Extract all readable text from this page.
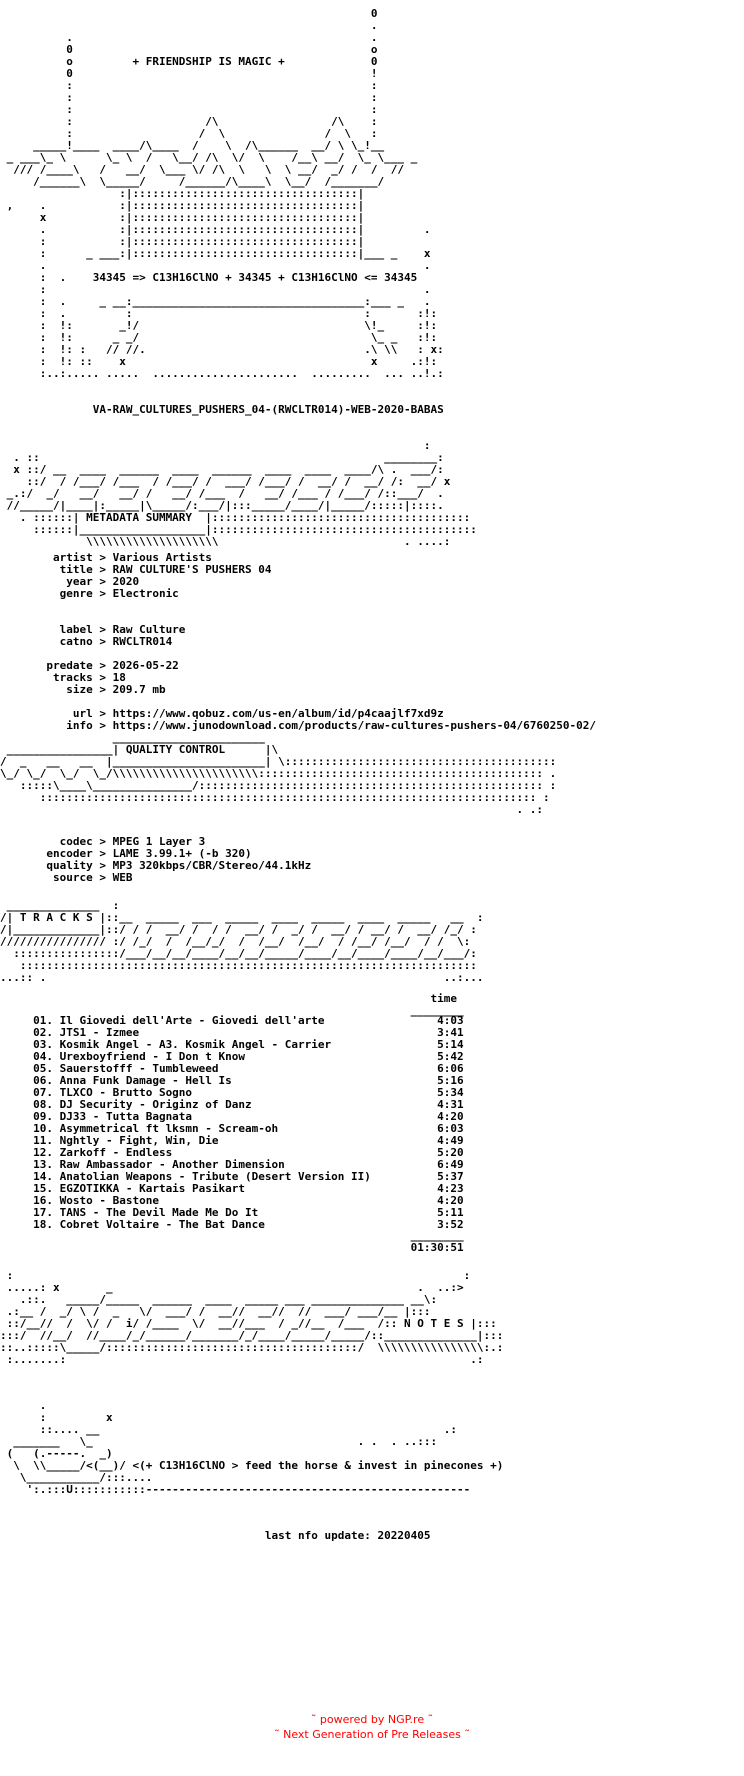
0
.
.                                             .
0                                             o
o         + FRIENDSHIP IS MAGIC +             0
0                                             !
:                                             :
:                                             :
:                                             :
:                    /\                 /\    :
:                   /  \               /  \   :
_____!____  ____/\____  /    \  /\______  __/ \ \_!__
_ ___\_ \      \_ \  /   \__/ /\  \/  \    /__\ __/  \_ \___ _
/// /____\   /   __/  \___ \/ /\  \   \  \ __/  _/ /  /  //
/______\  \_____/     /______/\____\  \__/  /_______/
:|::::::::::::::::::::::::::::::::::|
,    .           :|::::::::::::::::::::::::::::::::::|
x           :|::::::::::::::::::::::::::::::::::|
.           :|::::::::::::::::::::::::::::::::::|         .
:           :|::::::::::::::::::::::::::::::::::|
:      _ ___:|::::::::::::::::::::::::::::::::::|___ _    x
.                                                         .
:  .    34345 => C13H16ClNO + 34345 + C13H16ClNO <= 34345
:                                                         .
:  .     _ __:___________________________________:___ _   .
:  .         :                                   :       :!:
:  !:       _!/                                  \!_     :!:
:  !:      _ _/                                   \_ _   :!:
:  !: :   // //.                                 .\ \\   : x:
:  !: ::    x                                     x     .:!:
:..:..... .....  ......................  .........  ... ..!.:
VA-RAW_CULTURES_PUSHERS_04-(RWCLTR014)-WEB-2020-BABAS
:
. ::                                                    ________:
x ::/ __  ____  ______  ____  ______  ____  ____  ____/\ .  ___/:
::/  / /___/ /___  / /___/ /  ___/ /___/ /  __/ /  __/ /:  __/ x
_.:/  _/   __/   __/ /   __/ /___  /   __/ /___ / /___/ /::___/  .
//_____/|____|:_____|\_____/:___/|:::_____/____/|_____/:::::|::::.
. ::::::| METADATA SUMMARY  |:::::::::::::::::::::::::::::::::::::::
::::::|___________________|::::::::::::::::::::::::::::::::::::::::
\\\\\\\\\\\\\\\\\\\\                            . ....:
artist > Various Artists
title > RAW CULTURE'S PUSHERS 04
year > 2020
genre > Electronic

label > Raw Culture
catno > RWCLTR014

predate > 2026-05-22
tracks > 18
size > 209.7 mb

url > https://www.qobuz.com/us-en/album/id/p4caajlf7xd9z
info > https://www.junodownload.com/products/raw-cultures-pushers-04/6760250-02/
_______________________
________________| QUALITY CONTROL      |\
/  _   __   __  |_______________________| \:::::::::::::::::::::::::::::::::::::::::
\_/ \_/  \_/  \_/\\\\\\\\\\\\\\\\\\\\\\::::::::::::::::::::::::::::::::::::::::::: .
:::::\____\_______________/:::::::::::::::::::::::::::::::::::::::::::::::::::: :
::::::::::::::::::::::::::::::::::::::::::::::::::::::::::::::::::::::::::: :
. .:
codec > MPEG 1 Layer 3
encoder > LAME 3.99.1+ (-b 320)
quality > MP3 320kbps/CBR/Stereo/44.1kHz
source > WEB
______________  :
/| T R A C K S |::__  _____  ___  _____  ____  _____  ____  _____   __  :
/|_____________|::/ / /  __/ /  / /  __/ /  _/ /  __/ / __/ /  __/ /_/ :
//////////////// :/ /_/  /  /__/_/  /  /__/  /__/  / /__/ /__/  / /  \:
::::::::::::::::/___/__/__/____/__/__/_____/____/__/____/____/__/___/:
:::::::::::::::::::::::::::::::::::::::::::::::::::::::::::::::::::::
...:: .                                                            ..:...
time
________
01. Il Giovedi dell'Arte - Giovedi dell'arte                 4:03
02. JTS1 - Izmee                                             3:41
03. Kosmik Angel - A3. Kosmik Angel - Carrier                5:14
04. Urexboyfriend - I Don t Know                             5:42
05. Sauerstofff - Tumbleweed                                 6:06
06. Anna Funk Damage - Hell Is                               5:16
07. TLXCO - Brutto Sogno                                     5:34
08. DJ Security - Originz of Danz                            4:31
09. DJ33 - Tutta Bagnata                                     4:20
10. Asymmetrical ft lksmn - Scream-oh                        6:03
11. Nghtly - Fight, Win, Die                                 4:49
12. Zarkoff - Endless                                        5:20
13. Raw Ambassador - Another Dimension                       6:49
14. Anatolian Weapons - Tribute (Desert Version II)          5:37
15. EGZOTIKKA - Kartais Pasikart                             4:23
16. Wosto - Bastone                                          4:20
17. TANS - The Devil Made Me Do It                           5:11
18. Cobret Voltaire - The Bat Dance                          3:52
________
01:30:51
:                                                                    :
.....: x       _                                              .  ..:>
.::.   _____/_____  ______  ____  _____ ___ ______________ __\:
.:__ /  _/ \ /  _   \/  ___/ /  __//  __//  //  ___/ ___/__ |:::
::/__//  /  \/ /  i/ /____  \/  __//___  / _//__  /___  /:: N O T E S |:::
:::/  //__/  //____/_/______/_______/_/____/_____/_____/::______________|:::
::..:::::\_____/::::::::::::::::::::::::::::::::::::::/  \\\\\\\\\\\\\\\\:.:
:.......:                                                             .:
.
:         x
::.... __                                                    .:
_______   \_                                        . .  . ..:::
(   (.-----.  _)
\  \\_____/<(__)/ <(+ C13H16ClNO > feed the horse & invest in pinecones +)
\___________/:::....
':.:::U:::::::::::-------------------------------------------------
last nfo update: 20220405
˜ powered by NGP.re ˜
˜ Next Generation of Pre Releases ˜
